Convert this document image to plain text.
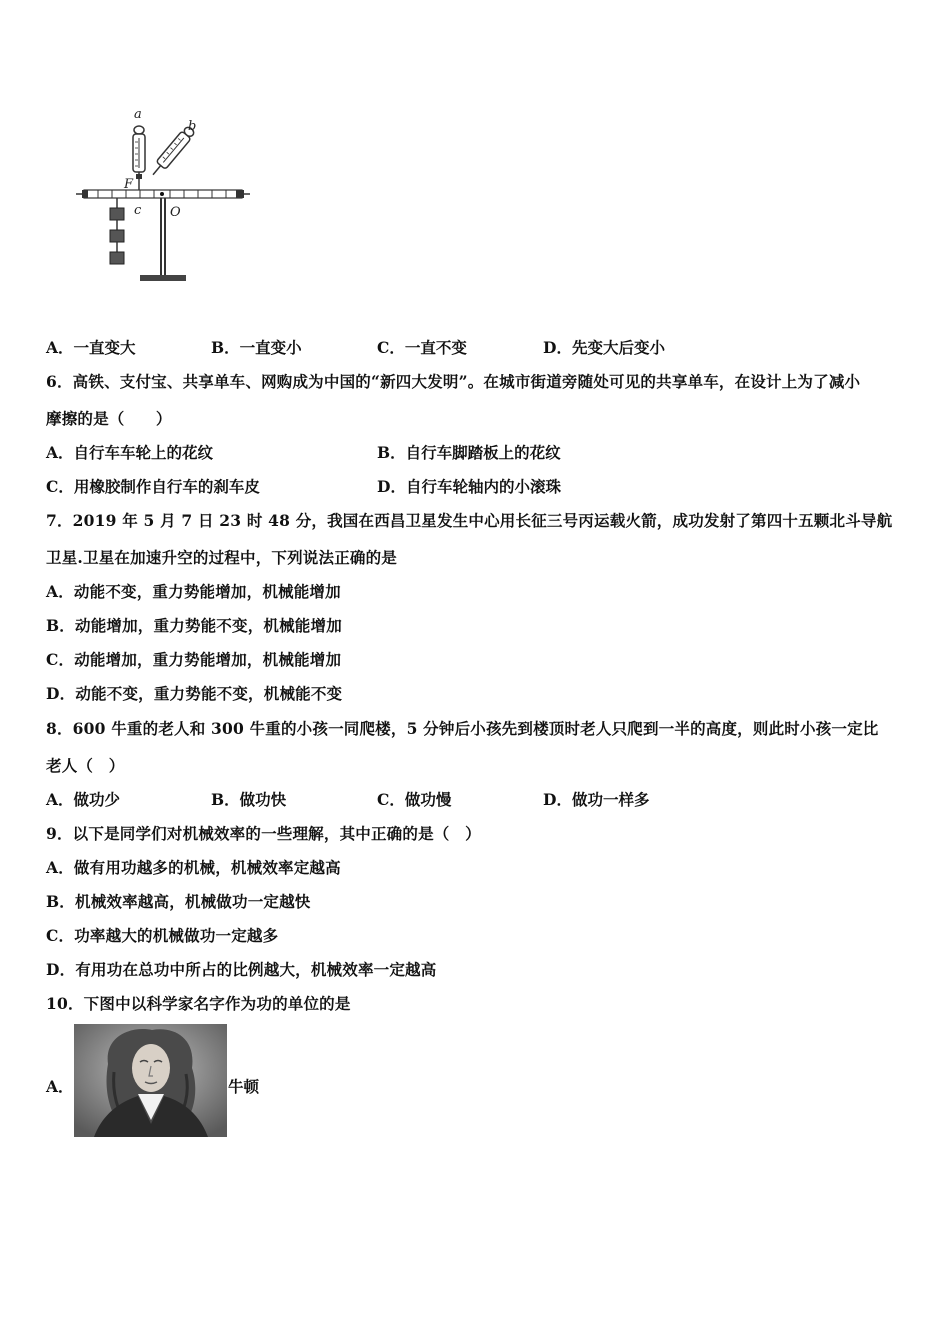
a
b
F
c O
A．一直变大	B．一直变小	C．一直不变	D．先变大后变小
6．高铁、支付宝、共享单车、网购成为中国的“新四大发明”。在城市街道旁随处可见的共享单车，在设计上为了减小
摩擦的是（　　）
A．自行车车轮上的花纹	B．自行车脚踏板上的花纹
C．用橡胶制作自行车的刹车皮	D．自行车轮轴内的小滚珠
7．2019 年 5 月 7 日 23 时 48 分，我国在西昌卫星发生中心用长征三号丙运载火箭，成功发射了第四十五颗北斗导航
卫星.卫星在加速升空的过程中，下列说法正确的是
A．动能不变，重力势能增加，机械能增加
B．动能增加，重力势能不变，机械能增加
C．动能增加，重力势能增加，机械能增加
D．动能不变，重力势能不变，机械能不变
8．600 牛重的老人和 300 牛重的小孩一同爬楼，5 分钟后小孩先到楼顶时老人只爬到一半的高度，则此时小孩一定比
老人（　）
A．做功少	B．做功快	C．做功慢	D．做功一样多
9．以下是同学们对机械效率的一些理解，其中正确的是（　）
A．做有用功越多的机械，机械效率定越高
B．机械效率越高，机械做功一定越快
C．功率越大的机械做功一定越多
D．有用功在总功中所占的比例越大，机械效率一定越高
10．下图中以科学家名字作为功的单位的是
A．	牛顿
